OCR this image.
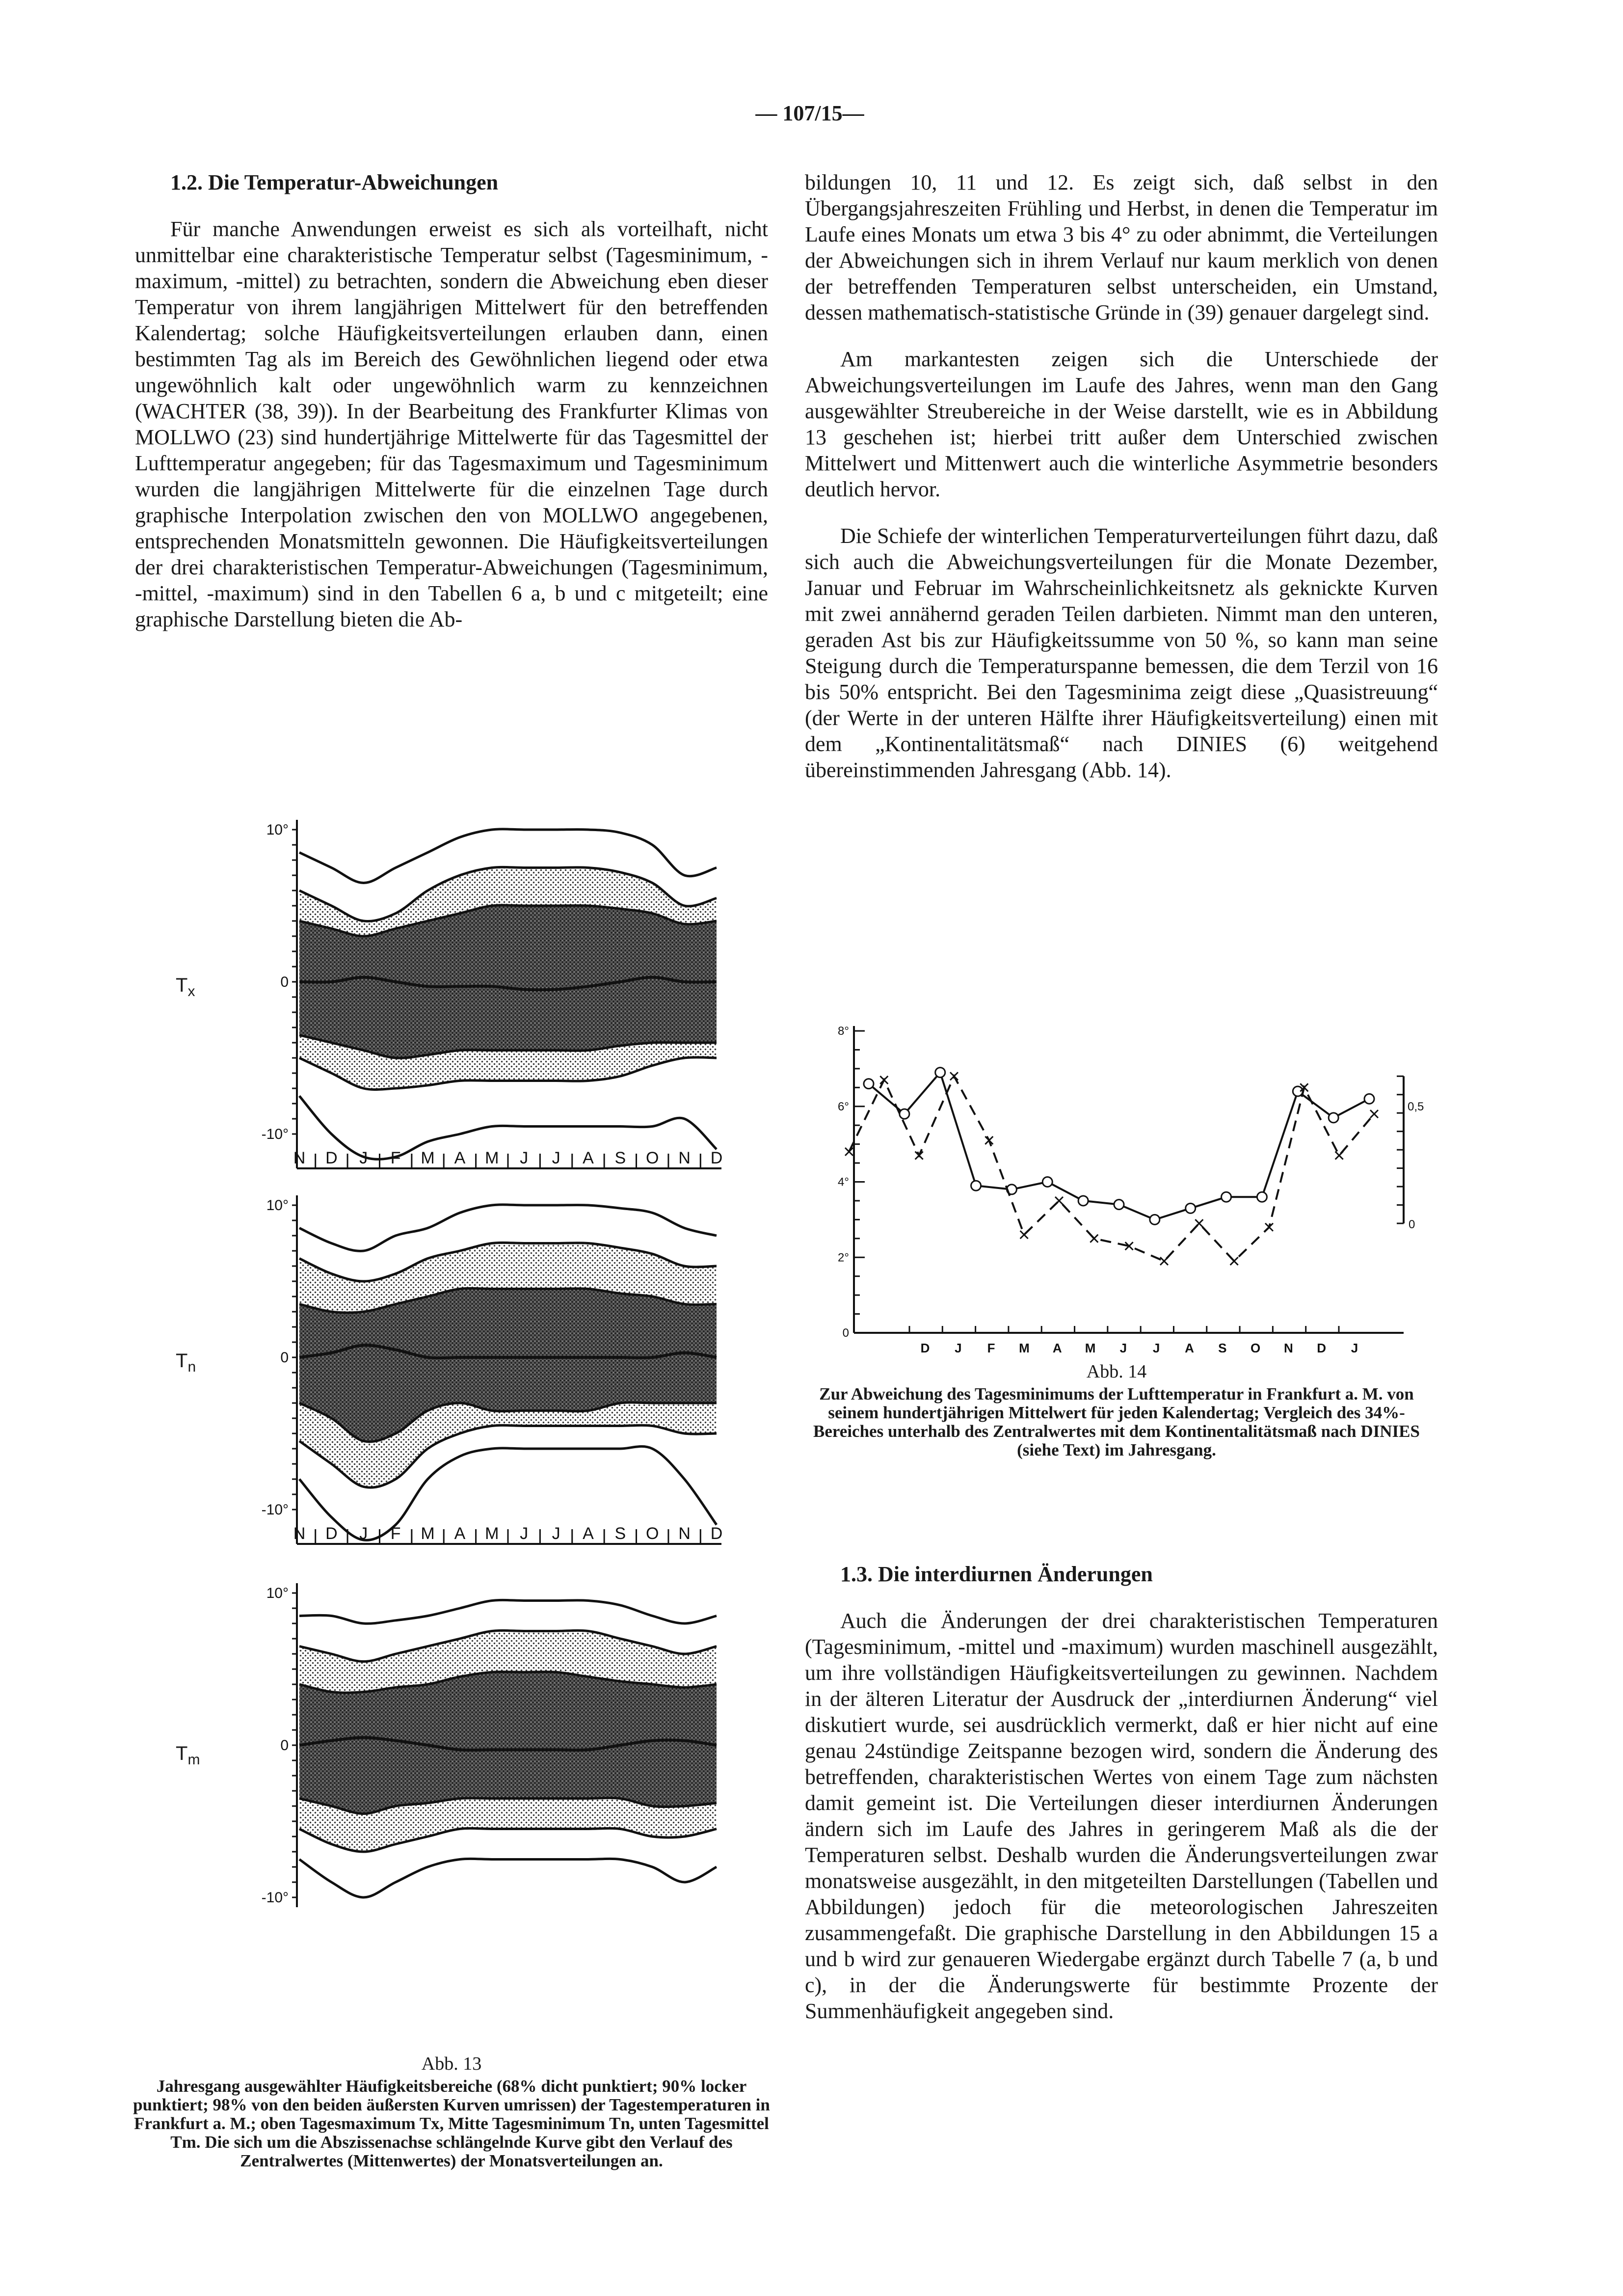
— 107/15—

1.2. Die Temperatur-Abweichungen

Für manche Anwendungen erweist es sich als vorteilhaft, nicht unmittelbar eine charakteristische Temperatur selbst (Tagesminimum, -maximum, -mittel) zu betrachten, sondern die Abweichung eben dieser Temperatur von ihrem langjährigen Mittelwert für den betreffenden Kalendertag; solche Häufigkeitsverteilungen erlauben dann, einen bestimmten Tag als im Bereich des Gewöhnlichen liegend oder etwa ungewöhnlich kalt oder ungewöhnlich warm zu kennzeichnen (WACHTER (38, 39)). In der Bearbeitung des Frankfurter Klimas von MOLLWO (23) sind hundertjährige Mittelwerte für das Tagesmittel der Lufttemperatur angegeben; für das Tagesmaximum und Tagesminimum wurden die langjährigen Mittelwerte für die einzelnen Tage durch graphische Interpolation zwischen den von MOLLWO angegebenen, entsprechenden Monatsmitteln gewonnen. Die Häufigkeitsverteilungen der drei charakteristischen Temperatur-Abweichungen (Tagesminimum, -mittel, -maximum) sind in den Tabellen 6 a, b und c mitgeteilt; eine graphische Darstellung bieten die Ab-

bildungen 10, 11 und 12. Es zeigt sich, daß selbst in den Übergangsjahreszeiten Frühling und Herbst, in denen die Temperatur im Laufe eines Monats um etwa 3 bis 4° zu oder abnimmt, die Verteilungen der Abweichungen sich in ihrem Verlauf nur kaum merklich von denen der betreffenden Temperaturen selbst unterscheiden, ein Umstand, dessen mathematisch-statistische Gründe in (39) genauer dargelegt sind.

Am markantesten zeigen sich die Unterschiede der Abweichungsverteilungen im Laufe des Jahres, wenn man den Gang ausgewählter Streubereiche in der Weise darstellt, wie es in Abbildung 13 geschehen ist; hierbei tritt außer dem Unterschied zwischen Mittelwert und Mittenwert auch die winterliche Asymmetrie besonders deutlich hervor.

Die Schiefe der winterlichen Temperaturverteilungen führt dazu, daß sich auch die Abweichungsverteilungen für die Monate Dezember, Januar und Februar im Wahrscheinlichkeitsnetz als geknickte Kurven mit zwei annähernd geraden Teilen darbieten. Nimmt man den unteren, geraden Ast bis zur Häufigkeitssumme von 50 %, so kann man seine Steigung durch die Temperaturspanne bemessen, die dem Terzil von 16 bis 50% entspricht. Bei den Tagesminima zeigt diese „Quasistreuung“ (der Werte in der unteren Hälfte ihrer Häufigkeitsverteilung) einen mit dem „Kontinentalitätsmaß“ nach DINIES (6) weitgehend übereinstimmenden Jahresgang (Abb. 14).

1.3. Die interdiurnen Änderungen

Auch die Änderungen der drei charakteristischen Temperaturen (Tagesminimum, -mittel und -maximum) wurden maschinell ausgezählt, um ihre vollständigen Häufigkeitsverteilungen zu gewinnen. Nachdem in der älteren Literatur der Ausdruck der „interdiurnen Änderung“ viel diskutiert wurde, sei ausdrücklich vermerkt, daß er hier nicht auf eine genau 24stündige Zeitspanne bezogen wird, sondern die Änderung des betreffenden, charakteristischen Wertes von einem Tage zum nächsten damit gemeint ist. Die Verteilungen dieser interdiurnen Änderungen ändern sich im Laufe des Jahres in geringerem Maß als die der Temperaturen selbst. Deshalb wurden die Änderungsverteilungen zwar monatsweise ausgezählt, in den mitgeteilten Darstellungen (Tabellen und Abbildungen) jedoch für die meteorologischen Jahreszeiten zusammengefaßt. Die graphische Darstellung in den Abbildungen 15 a und b wird zur genaueren Wiedergabe ergänzt durch Tabelle 7 (a, b und c), in der die Änderungswerte für bestimmte Prozente der Summenhäufigkeit angegeben sind.

10°
0
-10°
N D J F M A M J J A S O N D
10°
0
-10°
N D J F M A M J J A S O N D
10°
0
-10°
$T_x$
$T_n$
$T_m$
Abb. 13
Jahresgang ausgewählter Häufigkeitsbereiche (68% dicht punktiert; 90% locker punktiert; 98% von den beiden äußersten Kurven umrissen) der Tagestemperaturen in Frankfurt a. M.; oben Tagesmaximum Tx, Mitte Tagesminimum Tn, unten Tagesmittel Tm. Die sich um die Abszissenachse schlängelnde Kurve gibt den Verlauf des Zentralwertes (Mittenwertes) der Monatsverteilungen an.
0
2°
4°
6°
8°
0
0,5
D J F M A M J J A S O N D J
Abb. 14
Zur Abweichung des Tagesminimums der Lufttemperatur in Frankfurt a. M. von seinem hundertjährigen Mittelwert für jeden Kalendertag; Vergleich des 34%-Bereiches unterhalb des Zentralwertes mit dem Kontinentalitätsmaß nach DINIES (siehe Text) im Jahresgang.
